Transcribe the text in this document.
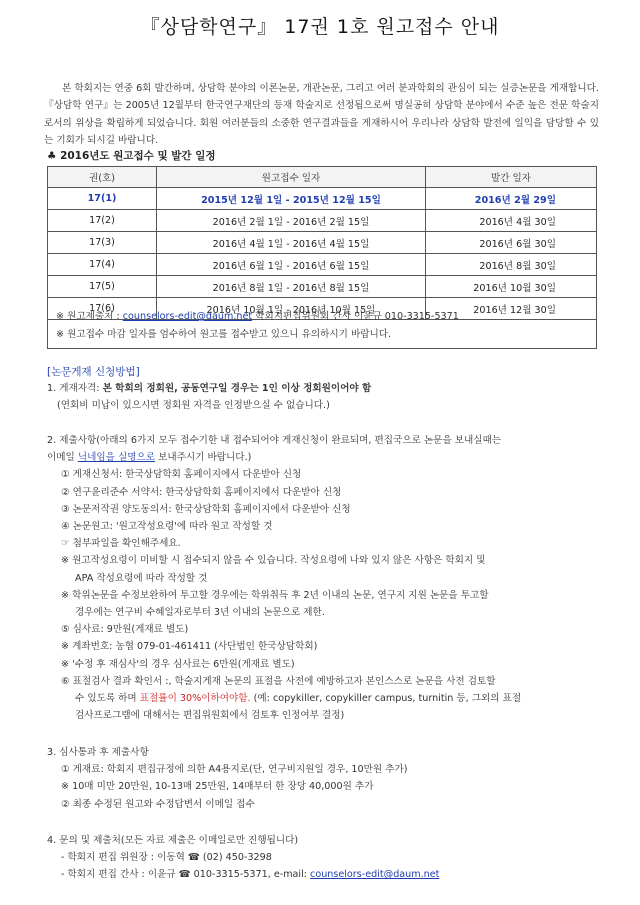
『상담학연구』 17권 1호 원고접수 안내

본 학회지는 연중 6회 발간하며, 상담학 분야의 이론논문, 개관논문, 그리고 여러 분과학회의 관심이 되는 실증논문을 게재합니다. 『상담학 연구』는 2005년 12월부터 한국연구재단의 등재 학술지로 선정됨으로써 명실공히 상담학 분야에서 수준 높은 전문 학술지로서의 위상을 확립하게 되었습니다. 회원 여러분들의 소중한 연구결과들을 게재하시어 우리나라 상담학 발전에 일익을 담당할 수 있는 기회가 되시길 바랍니다.

♣ 2016년도 원고접수 및 발간 일정
권(호)	원고접수 일자	발간 일자
17(1)	2015년 12월 1일 - 2015년 12월 15일	2016년 2월 29일
17(2)	2016년 2월 1일 - 2016년 2월 15일	2016년 4월 30일
17(3)	2016년 4월 1일 - 2016년 4월 15일	2016년 6월 30일
17(4)	2016년 6월 1일 - 2016년 6월 15일	2016년 8월 30일
17(5)	2016년 8월 1일 - 2016년 8월 15일	2016년 10월 30일
17(6)	2016년 10월 1일 - 2016년 10월 15일	2016년 12월 30일
※ 원고제출처 : counselors-edit@daum.net 학회지편집위원회 간사 이윤규 010-3315-5371
※ 원고접수 마감 일자를 엄수하여 원고를 접수받고 있으니 유의하시기 바랍니다.
[논문게재 신청방법]

1. 게재자격: 본 학회의 정회원, 공동연구일 경우는 1인 이상 정회원이어야 함

(연회비 미납이 있으시면 정회원 자격을 인정받으실 수 없습니다.)

2. 제출사항(아래의 6가지 모두 접수기한 내 접수되어야 게재신청이 완료되며, 편집국으로 논문을 보내실때는

이메일 닉네임을 실명으로 보내주시기 바랍니다.)

① 게재신청서: 한국상담학회 홈페이지에서 다운받아 신청

② 연구윤리준수 서약서: 한국상담학회 홈페이지에서 다운받아 신청

③ 논문저작권 양도동의서: 한국상담학회 홈페이지에서 다운받아 신청

④ 논문원고: '원고작성요령'에 따라 원고 작성할 것

☞ 첨부파일을 확인해주세요.

※ 원고작성요령이 미비할 시 접수되지 않을 수 있습니다. 작성요령에 나와 있지 않은 사항은 학회지 및

APA 작성요령에 따라 작성할 것

※ 학위논문을 수정보완하여 투고할 경우에는 학위취득 후 2년 이내의 논문, 연구지 지원 논문을 투고할

경우에는 연구비 수혜일자로부터 3년 이내의 논문으로 제한.

⑤ 심사료: 9만원(게재료 별도)

※ 계좌번호: 농협 079-01-461411 (사단법인 한국상담학회)

※ '수정 후 재심사'의 경우 심사료는 6만원(게재료 별도)

⑥ 표절검사 결과 확인서 :, 학술지게재 논문의 표절을 사전에 예방하고자 본인스스로 논문을 사전 검토할

수 있도록 하며 표절률이 30%이하여야함. (예: copykiller, copykiller campus, turnitin 등, 그외의 표절

검사프로그램에 대해서는 편집위원회에서 검토후 인정여부 결정)

3. 심사통과 후 제출사항

① 게재료: 학회지 편집규정에 의한 A4용지로(단, 연구비지원일 경우, 10만원 추가)

※ 10매 미만 20만원, 10-13매 25만원, 14매부터 한 장당 40,000원 추가

② 최종 수정된 원고와 수정답변서 이메일 접수

4. 문의 및 제출처(모든 자료 제출은 이메일로만 진행됩니다)

- 학회지 편집 위원장 : 이동혁 ☎ (02) 450-3298

- 학회지 편집 간사 : 이윤규 ☎ 010-3315-5371, e-mail: counselors-edit@daum.net
